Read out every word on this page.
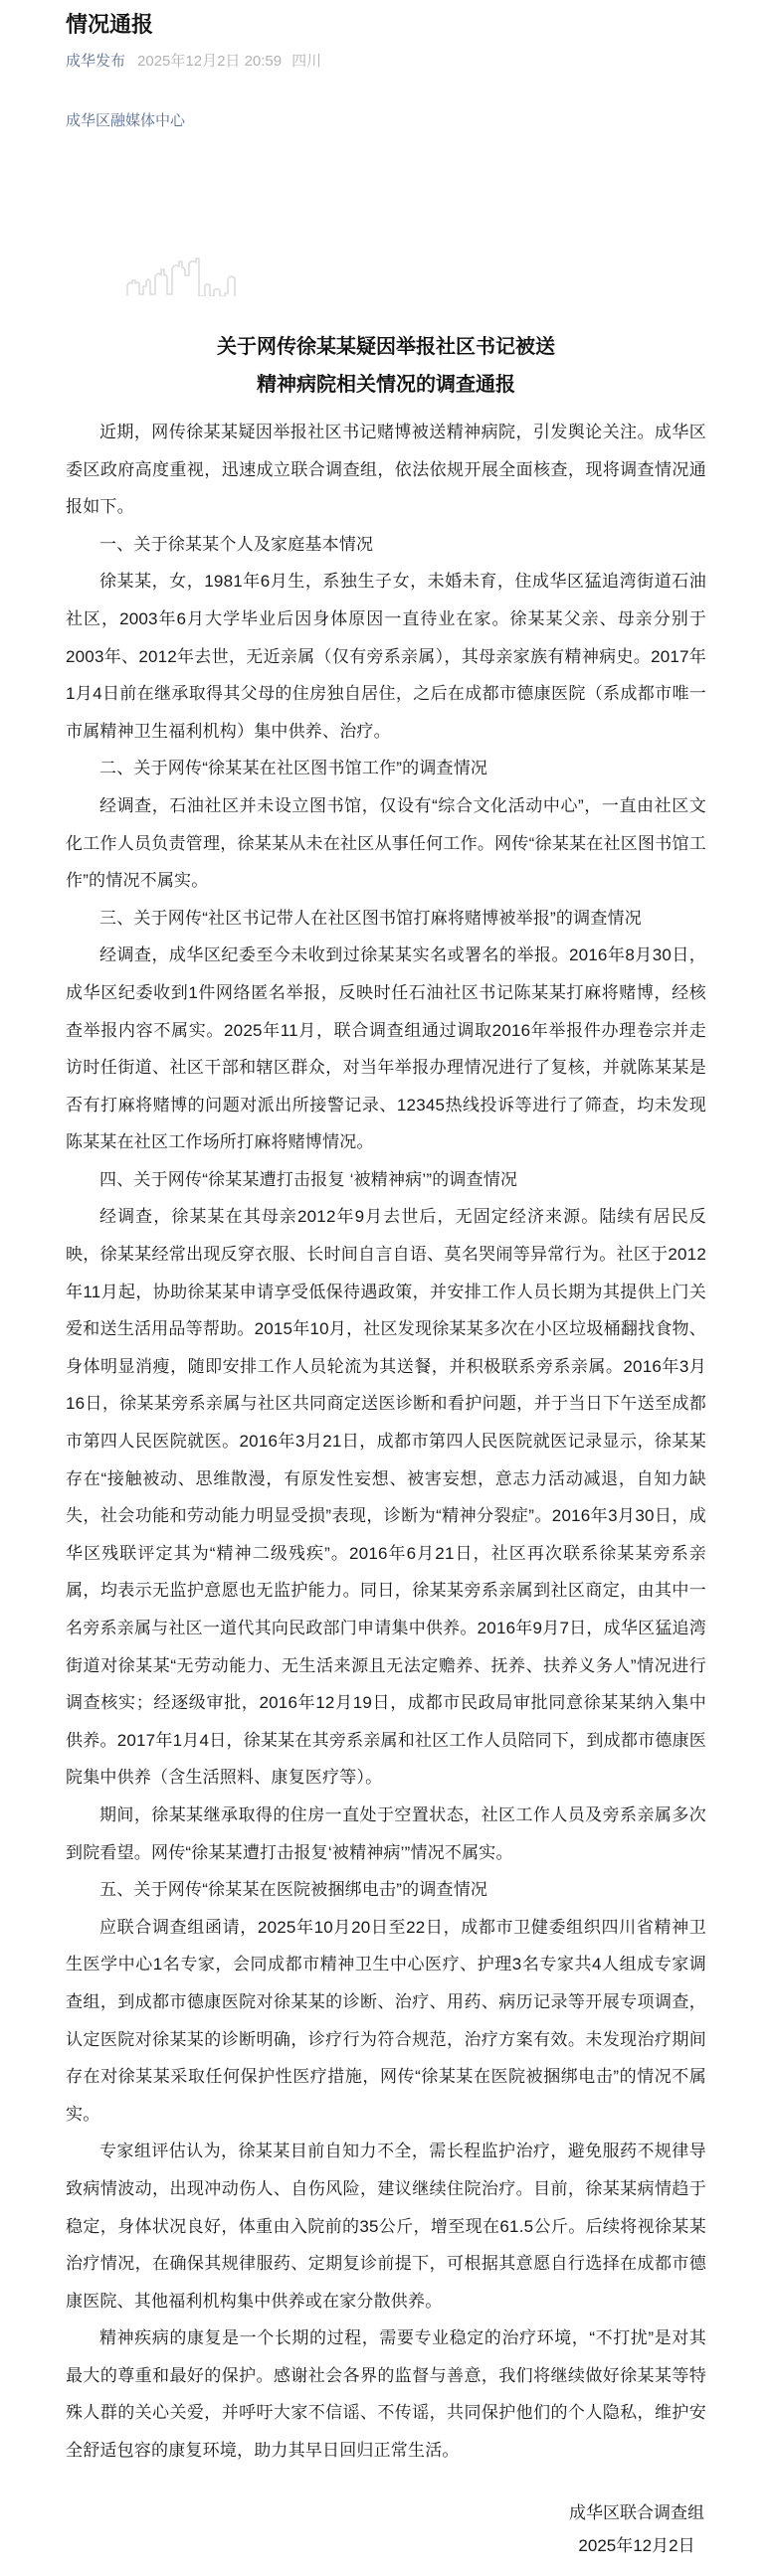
情况通报
成华发布 2025年12月2日 20:59 四川
成华区融媒体中心
关于网传徐某某疑因举报社区书记被送
精神病院相关情况的调查通报

近期，网传徐某某疑因举报社区书记赌博被送精神病院，引发舆论关注。成华区委区政府高度重视，迅速成立联合调查组，依法依规开展全面核查，现将调查情况通报如下。

一、关于徐某某个人及家庭基本情况

徐某某，女，1981年6月生，系独生子女，未婚未育，住成华区猛追湾街道石油社区，2003年6月大学毕业后因身体原因一直待业在家。徐某某父亲、母亲分别于2003年、2012年去世，无近亲属（仅有旁系亲属），其母亲家族有精神病史。2017年1月4日前在继承取得其父母的住房独自居住，之后在成都市德康医院（系成都市唯一市属精神卫生福利机构）集中供养、治疗。

二、关于网传“徐某某在社区图书馆工作”的调查情况

经调查，石油社区并未设立图书馆，仅设有“综合文化活动中心”，一直由社区文化工作人员负责管理，徐某某从未在社区从事任何工作。网传“徐某某在社区图书馆工作”的情况不属实。

三、关于网传“社区书记带人在社区图书馆打麻将赌博被举报”的调查情况

经调查，成华区纪委至今未收到过徐某某实名或署名的举报。2016年8月30日，成华区纪委收到1件网络匿名举报，反映时任石油社区书记陈某某打麻将赌博，经核查举报内容不属实。2025年11月，联合调查组通过调取2016年举报件办理卷宗并走访时任街道、社区干部和辖区群众，对当年举报办理情况进行了复核，并就陈某某是否有打麻将赌博的问题对派出所接警记录、12345热线投诉等进行了筛查，均未发现陈某某在社区工作场所打麻将赌博情况。

四、关于网传“徐某某遭打击报复 ‘被精神病’”的调查情况

经调查，徐某某在其母亲2012年9月去世后，无固定经济来源。陆续有居民反映，徐某某经常出现反穿衣服、长时间自言自语、莫名哭闹等异常行为。社区于2012年11月起，协助徐某某申请享受低保待遇政策，并安排工作人员长期为其提供上门关爱和送生活用品等帮助。2015年10月，社区发现徐某某多次在小区垃圾桶翻找食物、身体明显消瘦，随即安排工作人员轮流为其送餐，并积极联系旁系亲属。2016年3月16日，徐某某旁系亲属与社区共同商定送医诊断和看护问题，并于当日下午送至成都市第四人民医院就医。2016年3月21日，成都市第四人民医院就医记录显示，徐某某存在“接触被动、思维散漫，有原发性妄想、被害妄想，意志力活动减退，自知力缺失，社会功能和劳动能力明显受损”表现，诊断为“精神分裂症”。2016年3月30日，成华区残联评定其为“精神二级残疾”。2016年6月21日，社区再次联系徐某某旁系亲属，均表示无监护意愿也无监护能力。同日，徐某某旁系亲属到社区商定，由其中一名旁系亲属与社区一道代其向民政部门申请集中供养。2016年9月7日，成华区猛追湾街道对徐某某“无劳动能力、无生活来源且无法定赡养、抚养、扶养义务人”情况进行调查核实；经逐级审批，2016年12月19日，成都市民政局审批同意徐某某纳入集中供养。2017年1月4日，徐某某在其旁系亲属和社区工作人员陪同下，到成都市德康医院集中供养（含生活照料、康复医疗等）。

期间，徐某某继承取得的住房一直处于空置状态，社区工作人员及旁系亲属多次到院看望。网传“徐某某遭打击报复‘被精神病’”情况不属实。

五、关于网传“徐某某在医院被捆绑电击”的调查情况

应联合调查组函请，2025年10月20日至22日，成都市卫健委组织四川省精神卫生医学中心1名专家，会同成都市精神卫生中心医疗、护理3名专家共4人组成专家调查组，到成都市德康医院对徐某某的诊断、治疗、用药、病历记录等开展专项调查，认定医院对徐某某的诊断明确，诊疗行为符合规范，治疗方案有效。未发现治疗期间存在对徐某某采取任何保护性医疗措施，网传“徐某某在医院被捆绑电击”的情况不属实。

专家组评估认为，徐某某目前自知力不全，需长程监护治疗，避免服药不规律导致病情波动，出现冲动伤人、自伤风险，建议继续住院治疗。目前，徐某某病情趋于稳定，身体状况良好，体重由入院前的35公斤，增至现在61.5公斤。后续将视徐某某治疗情况，在确保其规律服药、定期复诊前提下，可根据其意愿自行选择在成都市德康医院、其他福利机构集中供养或在家分散供养。

精神疾病的康复是一个长期的过程，需要专业稳定的治疗环境，“不打扰”是对其最大的尊重和最好的保护。感谢社会各界的监督与善意，我们将继续做好徐某某等特殊人群的关心关爱，并呼吁大家不信谣、不传谣，共同保护他们的个人隐私，维护安全舒适包容的康复环境，助力其早日回归正常生活。

成华区联合调查组
2025年12月2日
